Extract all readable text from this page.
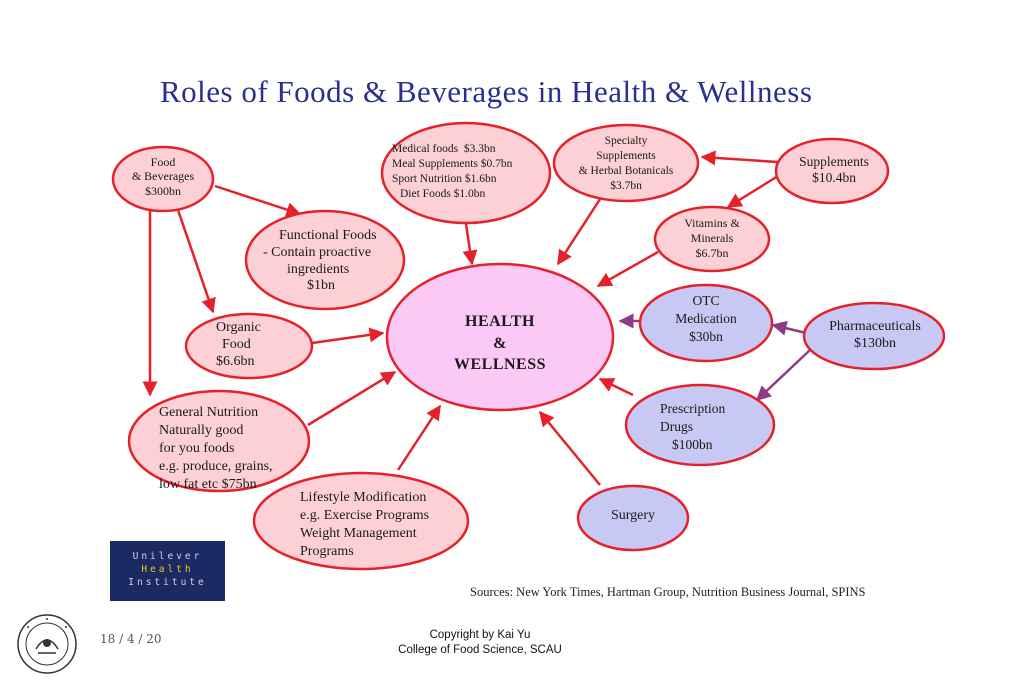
Roles of Foods & Beverages in Health & Wellness
HEALTH
&
WELLNESS
Food
& Beverages
$300bn
Functional Foods
- Contain proactive
ingredients
$1bn
Organic
Food
$6.6bn
General Nutrition
Naturally good
for you foods
e.g. produce, grains,
low fat etc $75bn
Lifestyle Modification
e.g. Exercise Programs
Weight Management
Programs
Medical foods  $3.3bn
Meal Supplements $0.7bn
Sport Nutrition $1.6bn
Diet Foods $1.0bn
Specialty
Supplements
& Herbal Botanicals
$3.7bn
Supplements
$10.4bn
Vitamins &
Minerals
$6.7bn
OTC
Medication
$30bn
Pharmaceuticals
$130bn
Prescription
Drugs
$100bn
Surgery
Unilever
Health
Institute
Sources: New York Times, Hartman Group, Nutrition Business Journal, SPINS
18 / 4 / 20	Copyright by Kai Yu
College of Food Science, SCAU
